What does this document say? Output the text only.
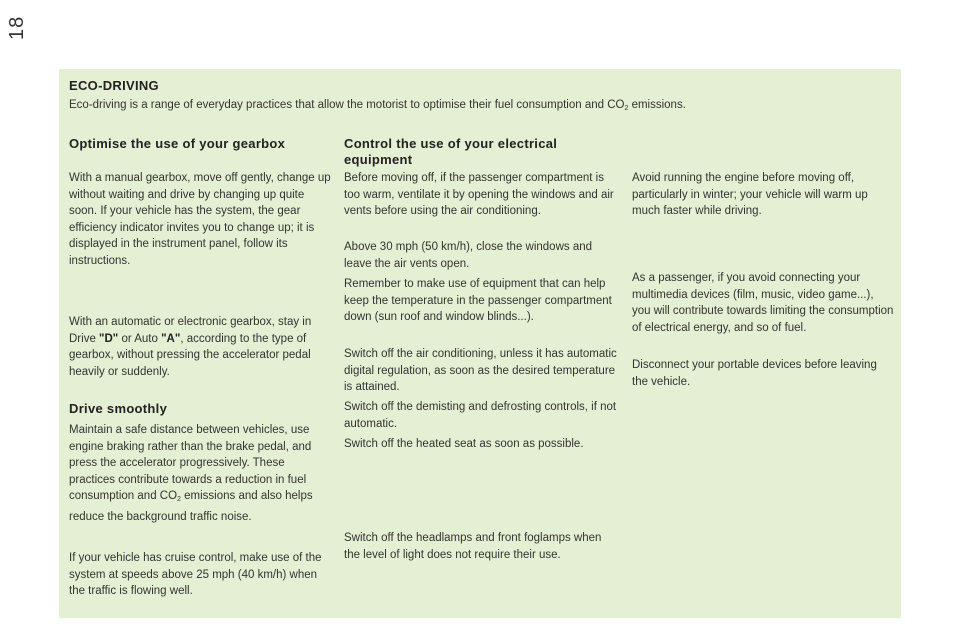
18
ECO-DRIVING

Eco-driving is a range of everyday practices that allow the motorist to optimise their fuel consumption and $CO_2$ emissions.

Optimise the use of your gearbox

With a manual gearbox, move off gently, change up without waiting and drive by changing up quite soon. If your vehicle has the system, the gear efficiency indicator invites you to change up; it is displayed in the instrument panel, follow its instructions.

With an automatic or electronic gearbox, stay in Drive "D" or Auto "A", according to the type of gearbox, without pressing the accelerator pedal heavily or suddenly.

Drive smoothly

Maintain a safe distance between vehicles, use engine braking rather than the brake pedal, and press the accelerator progressively. These practices contribute towards a reduction in fuel consumption and $CO_2$ emissions and also helps reduce the background traffic noise.

If your vehicle has cruise control, make use of the system at speeds above 25 mph (40 km/h) when the traffic is flowing well.

Control the use of your electrical equipment

Before moving off, if the passenger compartment is too warm, ventilate it by opening the windows and air vents before using the air conditioning.

Above 30 mph (50 km/h), close the windows and leave the air vents open.

Remember to make use of equipment that can help keep the temperature in the passenger compartment down (sun roof and window blinds...).

Switch off the air conditioning, unless it has automatic digital regulation, as soon as the desired temperature is attained.

Switch off the demisting and defrosting controls, if not automatic.

Switch off the heated seat as soon as possible.

Switch off the headlamps and front foglamps when the level of light does not require their use.

Avoid running the engine before moving off, particularly in winter; your vehicle will warm up much faster while driving.

As a passenger, if you avoid connecting your multimedia devices (film, music, video game...), you will contribute towards limiting the consumption of electrical energy, and so of fuel.

Disconnect your portable devices before leaving the vehicle.
